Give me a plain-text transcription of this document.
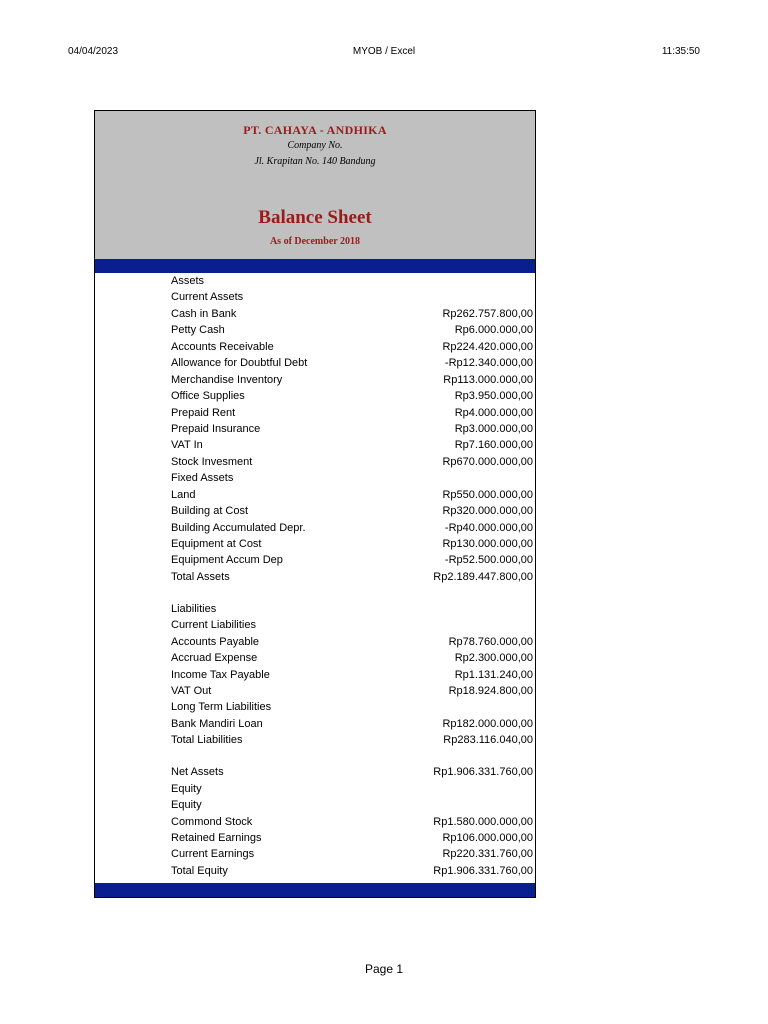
04/04/2023	MYOB / Excel	11:35:50
PT. CAHAYA - ANDHIKA
Company No.
Jl. Krapitan No. 140 Bandung
Balance Sheet
As of December 2018
Assets
Current Assets
Cash in Bank	Rp262.757.800,00
Petty Cash	Rp6.000.000,00
Accounts Receivable	Rp224.420.000,00
Allowance for Doubtful Debt	-Rp12.340.000,00
Merchandise Inventory	Rp113.000.000,00
Office Supplies	Rp3.950.000,00
Prepaid Rent	Rp4.000.000,00
Prepaid Insurance	Rp3.000.000,00
VAT In	Rp7.160.000,00
Stock Invesment	Rp670.000.000,00
Fixed Assets
Land	Rp550.000.000,00
Building at Cost	Rp320.000.000,00
Building Accumulated Depr.	-Rp40.000.000,00
Equipment at Cost	Rp130.000.000,00
Equipment Accum Dep	-Rp52.500.000,00
Total Assets	Rp2.189.447.800,00
Liabilities
Current Liabilities
Accounts Payable	Rp78.760.000,00
Accruad Expense	Rp2.300.000,00
Income Tax Payable	Rp1.131.240,00
VAT Out	Rp18.924.800,00
Long Term Liabilities
Bank Mandiri Loan	Rp182.000.000,00
Total Liabilities	Rp283.116.040,00
Net Assets	Rp1.906.331.760,00
Equity
Equity
Commond Stock	Rp1.580.000.000,00
Retained Earnings	Rp106.000.000,00
Current Earnings	Rp220.331.760,00
Total Equity	Rp1.906.331.760,00
Page 1
